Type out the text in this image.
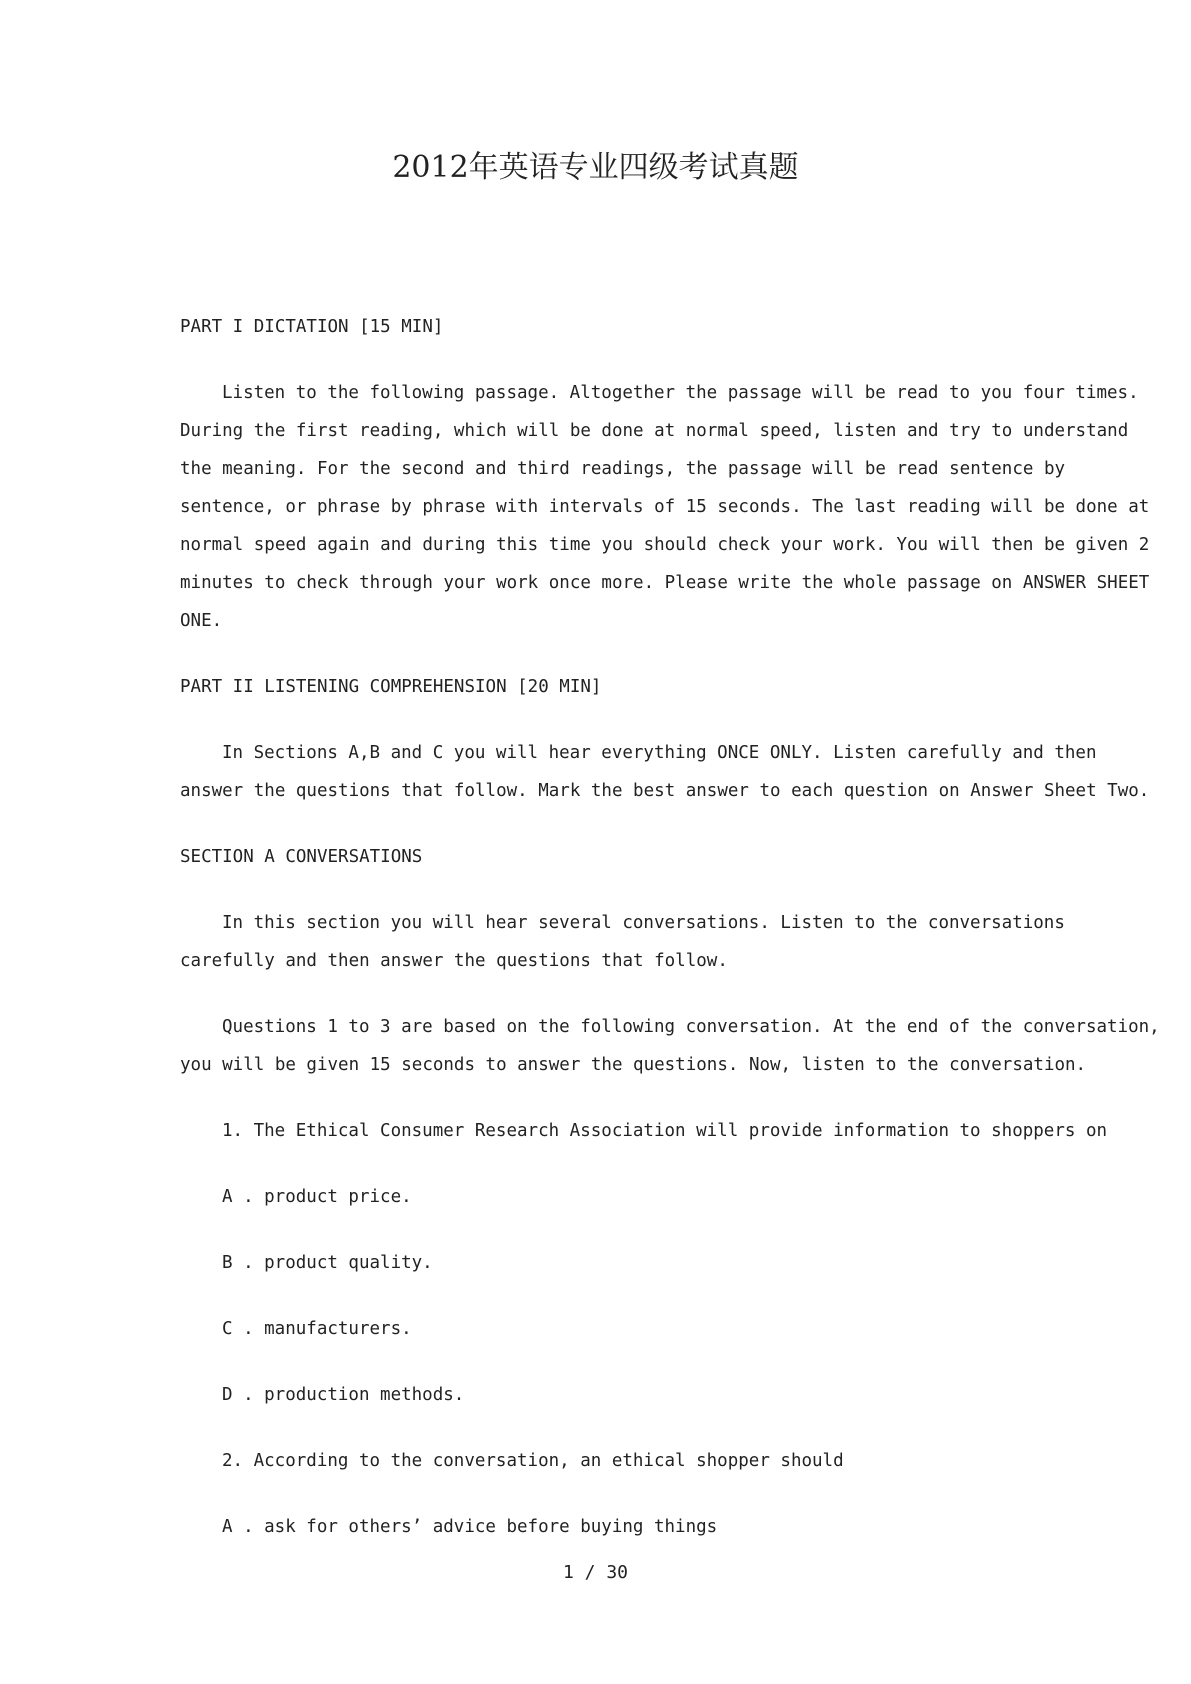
2012年英语专业四级考试真题
PART I DICTATION [15 MIN]
Listen to the following passage. Altogether the passage will be read to you four times. During the first reading, which will be done at normal speed, listen and try to understand the meaning. For the second and third readings, the passage will be read sentence by sentence, or phrase by phrase with intervals of 15 seconds. The last reading will be done at normal speed again and during this time you should check your work. You will then be given 2 minutes to check through your work once more. Please write the whole passage on ANSWER SHEET ONE.
PART II LISTENING COMPREHENSION [20 MIN]
In Sections A,B and C you will hear everything ONCE ONLY. Listen carefully and then answer the questions that follow. Mark the best answer to each question on Answer Sheet Two.
SECTION A CONVERSATIONS
In this section you will hear several conversations. Listen to the conversations carefully and then answer the questions that follow.
Questions 1 to 3 are based on the following conversation. At the end of the conversation, you will be given 15 seconds to answer the questions. Now, listen to the conversation.
1. The Ethical Consumer Research Association will provide information to shoppers on
A . product price.
B . product quality.
C . manufacturers.
D . production methods.
2. According to the conversation, an ethical shopper should
A . ask for others’ advice before buying things
1 / 30
